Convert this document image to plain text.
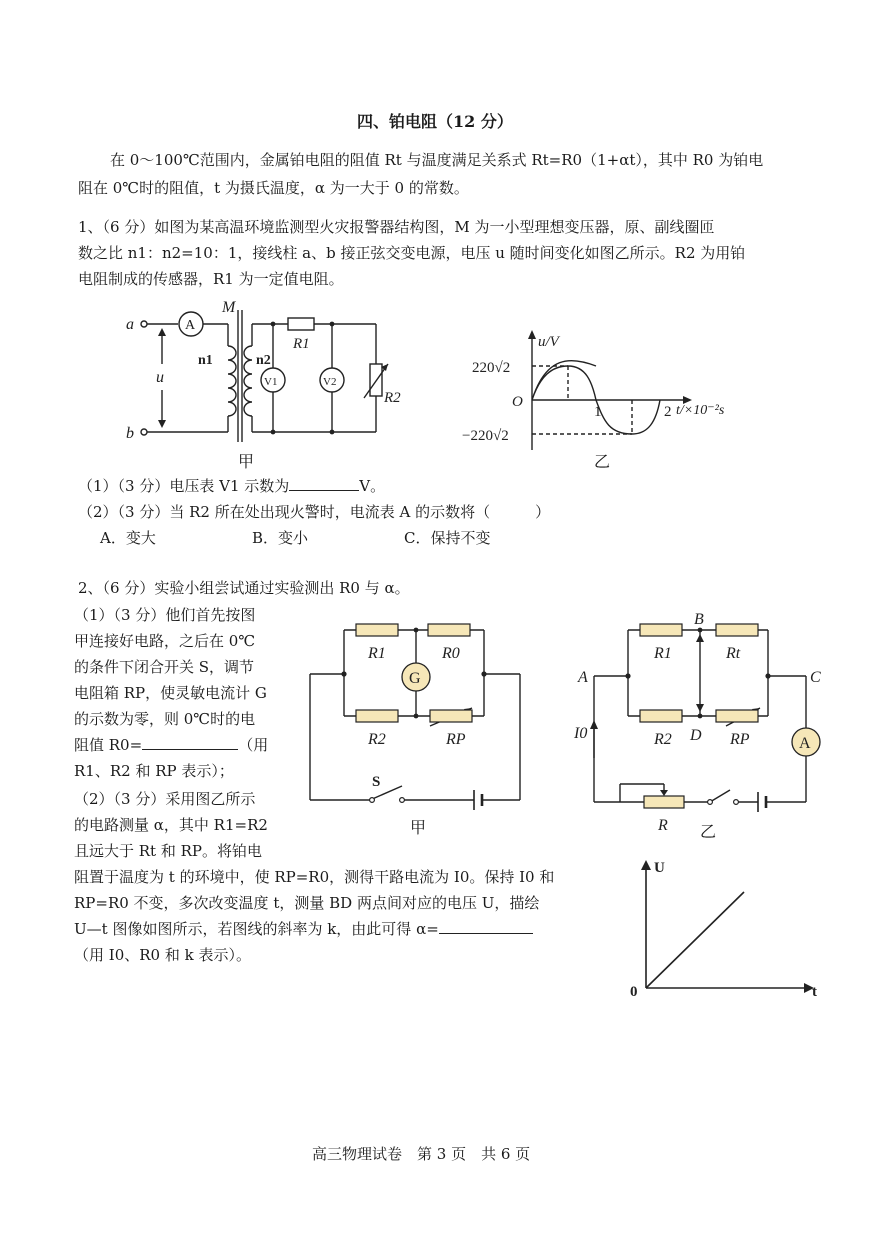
四、铂电阻（12 分）
在 0～100℃范围内，金属铂电阻的阻值 Rt 与温度满足关系式 Rt=R0（1+αt），其中 R0 为铂电
阻在 0℃时的阻值，t 为摄氏温度，α 为一大于 0 的常数。
1、（6 分）如图为某高温环境监测型火灾报警器结构图，M 为一小型理想变压器，原、副线圈匝
数之比 n1：n2=10：1，接线柱 a、b 接正弦交变电源，电压 u 随时间变化如图乙所示。R2 为用铂
电阻制成的传感器，R1 为一定值电阻。
a
b
u
M
n1	n2
A
V1	V2
R1
R2
甲
u/V
t/×10⁻²s
O
1	2
220√2
−220√2
乙
（1）（3 分）电压表 V1 示数为	V。
（2）（3 分）当 R2 所在处出现火警时，电流表 A 的示数将（　　　）
A．变大	B．变小	C．保持不变
2、（6 分）实验小组尝试通过实验测出 R0 与 α。
（1）（3 分）他们首先按图
甲连接好电路，之后在 0℃
的条件下闭合开关 S，调节
电阻箱 RP，使灵敏电流计 G
的示数为零，则 0℃时的电
阻值 R0=	（用
R1、R2 和 RP 表示）；
（2）（3 分）采用图乙所示
的电路测量 α，其中 R1=R2
且远大于 Rt 和 RP。将铂电
阻置于温度为 t 的环境中，使 RP=R0，测得干路电流为 I0。保持 I0 和
RP=R0 不变，多次改变温度 t，测量 BD 两点间对应的电压 U，描绘
U—t 图像如图所示，若图线的斜率为 k，由此可得 α=
（用 I0、R0 和 k 表示）。
R1	R0
R2	RP
G
S
甲
A
B
C
D
I0
R1	Rt
R2	RP
R
A
乙
U
t
0
高三物理试卷　第 3 页　共 6 页
